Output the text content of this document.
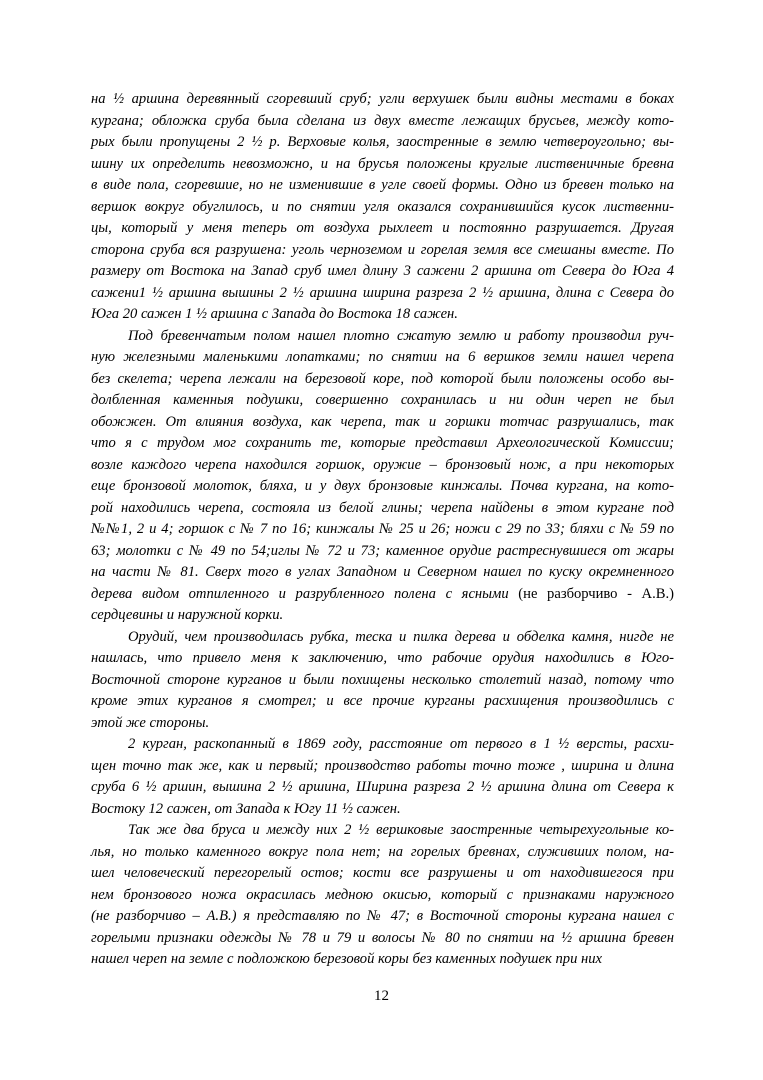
на ½ аршина деревянный сгоревший сруб; угли верхушек были видны местами в боках
кургана; обложка сруба была сделана из двух вместе лежащих брусьев, между кото-
рых были пропущены 2 ½ р. Верховые колья, заостренные в землю четвероугольно; вы-
шину их определить невозможно, и на брусья положены круглые лиственичные бревна
в виде пола, сгоревшие, но не изменившие в угле своей формы. Одно из бревен только на
вершок вокруг обуглилось, и по снятии угля оказался сохранившийся кусок лиственни-
цы, который у меня теперь от воздуха рыхлеет и постоянно разрушается. Другая
сторона сруба вся разрушена: уголь черноземом и горелая земля все смешаны вместе. По
размеру от Востока на Запад сруб имел длину 3 сажени 2 аршина от Севера до Юга 4
сажени1 ½ аршина вышины 2 ½ аршина ширина разреза 2 ½ аршина, длина с Севера до
Юга 20 сажен 1 ½ аршина с Запада до Востока 18 сажен.

Под бревенчатым полом нашел плотно сжатую землю и работу производил руч-
ную железными маленькими лопатками; по снятии на 6 вершков земли нашел черепа
без скелета; черепа лежали на березовой коре, под которой были положены особо вы-
долбленная каменныя подушки, совершенно сохранилась и ни один череп не был
обожжен. От влияния воздуха, как черепа, так и горшки тотчас разрушались, так
что я с трудом мог сохранить те, которые представил Археологической Комиссии;
возле каждого черепа находился горшок, оружие – бронзовый нож, а при некоторых
еще бронзовой молоток, бляха, и у двух бронзовые кинжалы. Почва кургана, на кото-
рой находились черепа, состояла из белой глины; черепа найдены в этом кургане под
№№1, 2 и 4; горшок с № 7 по 16; кинжалы № 25 и 26; ножи с 29 по 33; бляхи с № 59 по
63; молотки с № 49 по 54;иглы № 72 и 73; каменное орудие растреснувшиеся от жары
на части № 81. Сверх того в углах Западном и Северном нашел по куску окремненного
дерева видом отпиленного и разрубленного полена с ясными (не разборчиво - А.В.)
сердцевины и наружной корки.

Орудий, чем производилась рубка, теска и пилка дерева и обделка камня, нигде не
нашлась, что привело меня к заключению, что рабочие орудия находились в Юго-
Восточной стороне курганов и были похищены несколько столетий назад, потому что
кроме этих курганов я смотрел; и все прочие курганы расхищения производились с
этой же стороны.

2 курган, раскопанный в 1869 году, расстояние от первого в 1 ½ версты, расхи-
щен точно так же, как и первый; производство работы точно тоже , ширина и длина
сруба 6 ½ аршин, вышина 2 ½ аршина, Ширина разреза 2 ½ аршина длина от Севера к
Востоку 12 сажен, от Запада к Югу 11 ½ сажен.

Так же два бруса и между них 2 ½ вершковые заостренные четырехугольные ко-
лья, но только каменного вокруг пола нет; на горелых бревнах, служивших полом, на-
шел человеческий перегорелый остов; кости все разрушены и от находившегося при
нем бронзового ножа окрасилась медною окисью, который с признаками наружного
(не разборчиво – А.В.) я представляю по № 47; в Восточной стороны кургана нашел с
горелыми признаки одежды № 78 и 79 и волосы № 80 по снятии на ½ аршина бревен
нашел череп на земле с подложкою березовой коры без каменных подушек при них

12
